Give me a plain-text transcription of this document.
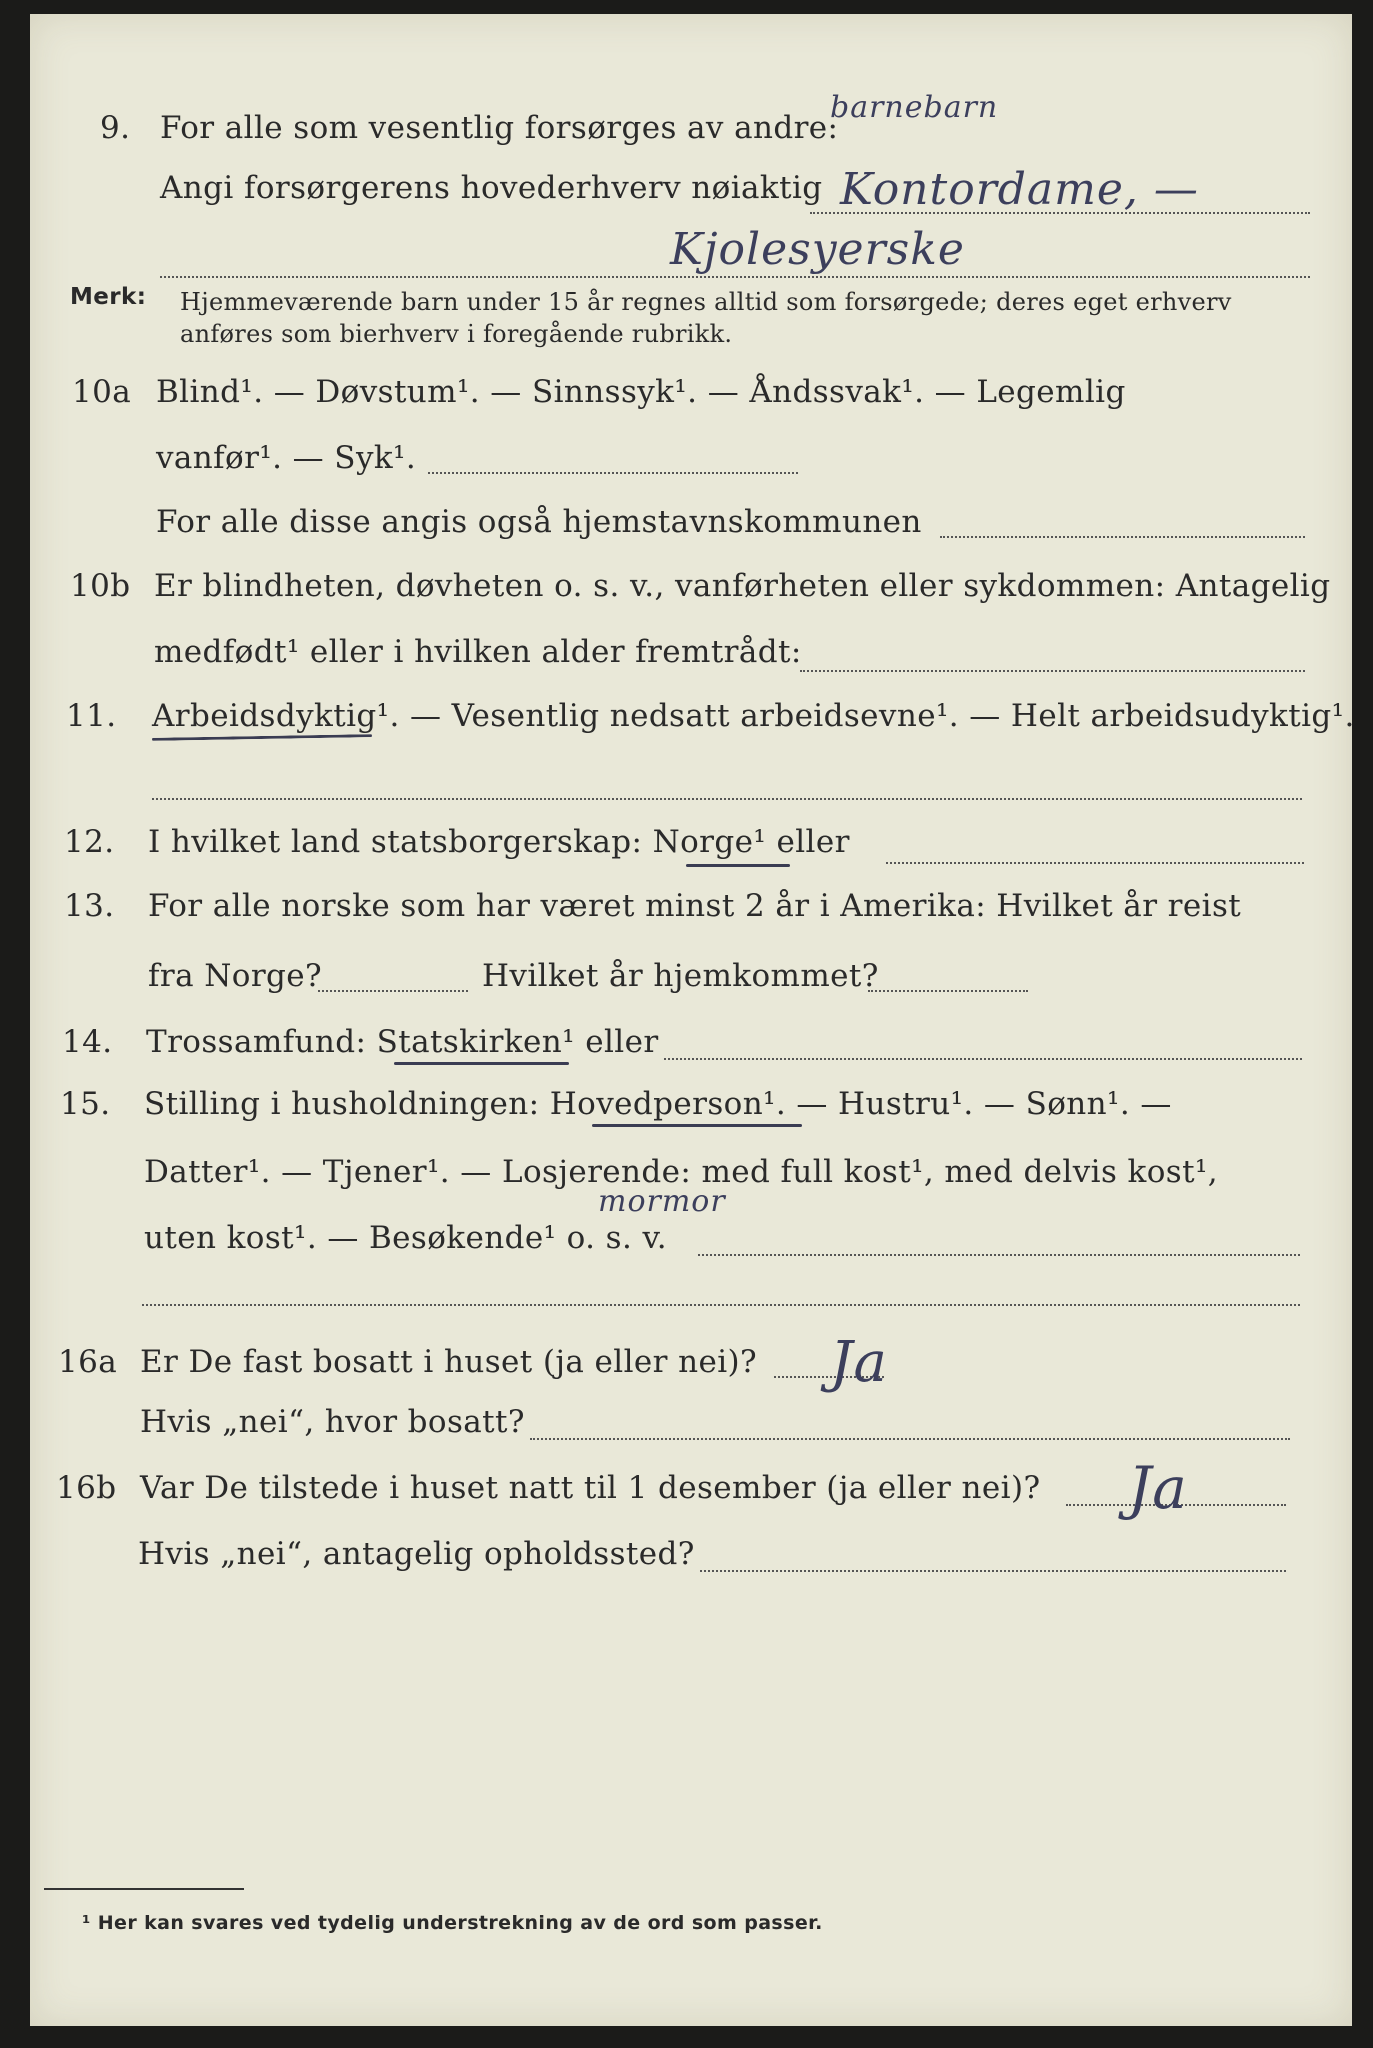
9. For alle som vesentlig forsørges av andre:
barnebarn
Angi forsørgerens hovederhverv nøiaktig Kontordame, —
Kjolesyerske
Merk: Hjemmeværende barn under 15 år regnes alltid som forsørgede; deres eget erhverv
anføres som bierhverv i foregående rubrikk.
10a Blind¹. — Døvstum¹. — Sinnssyk¹. — Åndssvak¹. — Legemlig
vanfør¹. — Syk¹.
For alle disse angis også hjemstavnskommunen
10b Er blindheten, døvheten o. s. v., vanførheten eller sykdommen: Antagelig
medfødt¹ eller i hvilken alder fremtrådt:
11. Arbeidsdyktig¹. — Vesentlig nedsatt arbeidsevne¹. — Helt arbeidsudyktig¹.
12. I hvilket land statsborgerskap: Norge¹ eller
13. For alle norske som har været minst 2 år i Amerika: Hvilket år reist
fra Norge?	Hvilket år hjemkommet?
14. Trossamfund: Statskirken¹ eller
15. Stilling i husholdningen: Hovedperson¹. — Hustru¹. — Sønn¹. —
Datter¹. — Tjener¹. — Losjerende: med full kost¹, med delvis kost¹,
mormor
uten kost¹. — Besøkende¹ o. s. v.
16a Er De fast bosatt i huset (ja eller nei)? Ja
Hvis „nei“, hvor bosatt?
16b Var De tilstede i huset natt til 1 desember (ja eller nei)? Ja
Hvis „nei“, antagelig opholdssted?
¹ Her kan svares ved tydelig understrekning av de ord som passer.
